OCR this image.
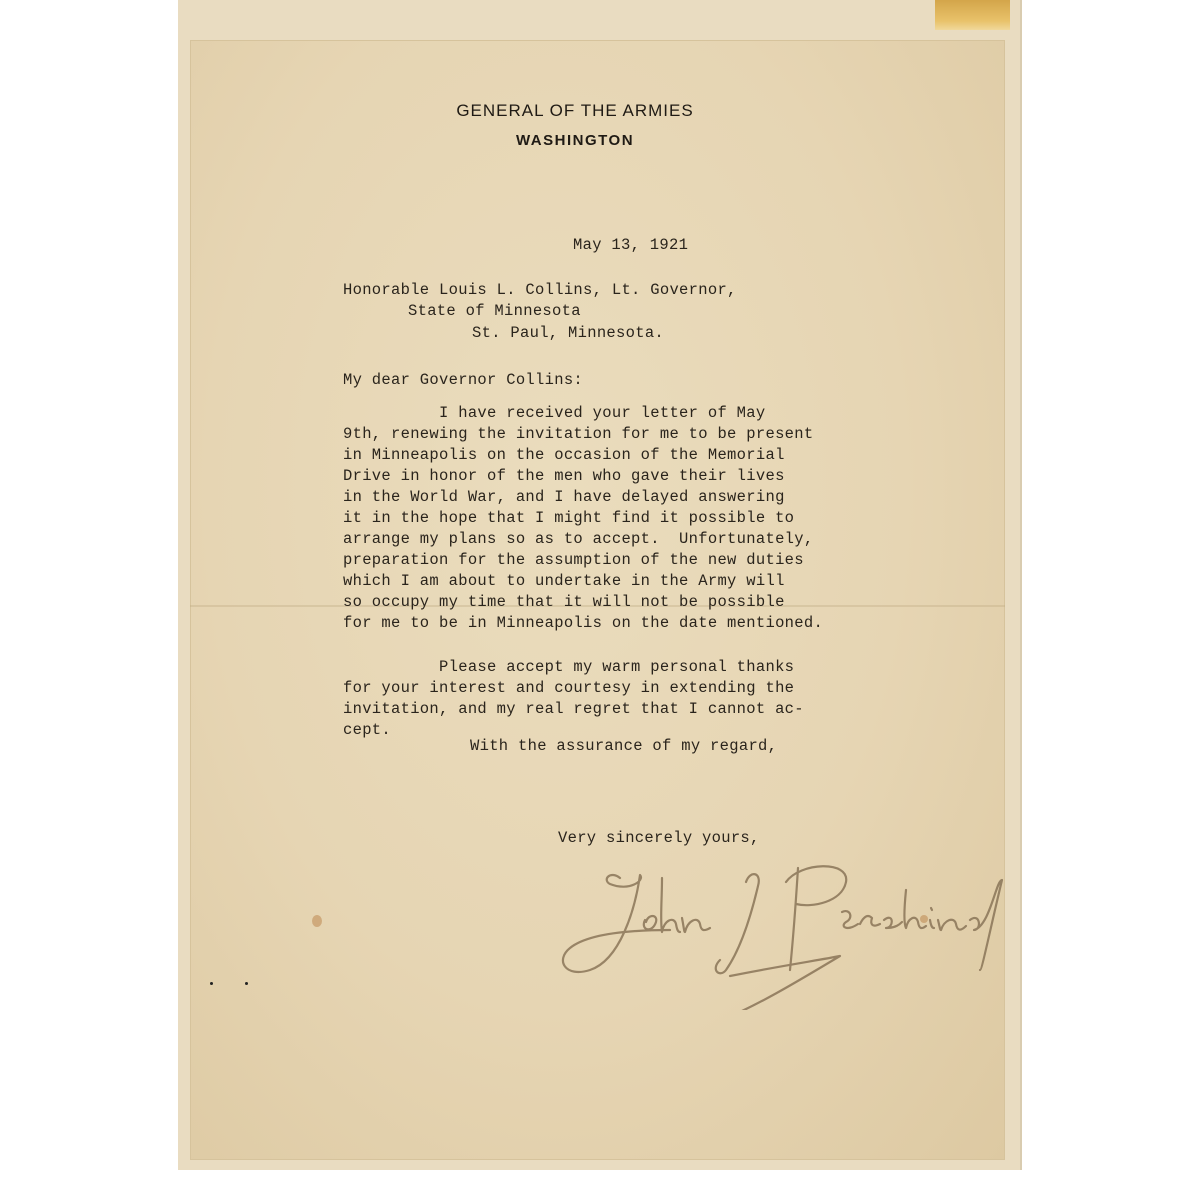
GENERAL OF THE ARMIES
WASHINGTON
May 13, 1921
Honorable Louis L. Collins, Lt. Governor,
State of Minnesota
St. Paul, Minnesota.
My dear Governor Collins:
I have received your letter of May
9th, renewing the invitation for me to be present
in Minneapolis on the occasion of the Memorial
Drive in honor of the men who gave their lives
in the World War, and I have delayed answering
it in the hope that I might find it possible to
arrange my plans so as to accept.  Unfortunately,
preparation for the assumption of the new duties
which I am about to undertake in the Army will
so occupy my time that it will not be possible
for me to be in Minneapolis on the date mentioned.
Please accept my warm personal thanks
for your interest and courtesy in extending the
invitation, and my real regret that I cannot ac-
cept.
With the assurance of my regard,
Very sincerely yours,
